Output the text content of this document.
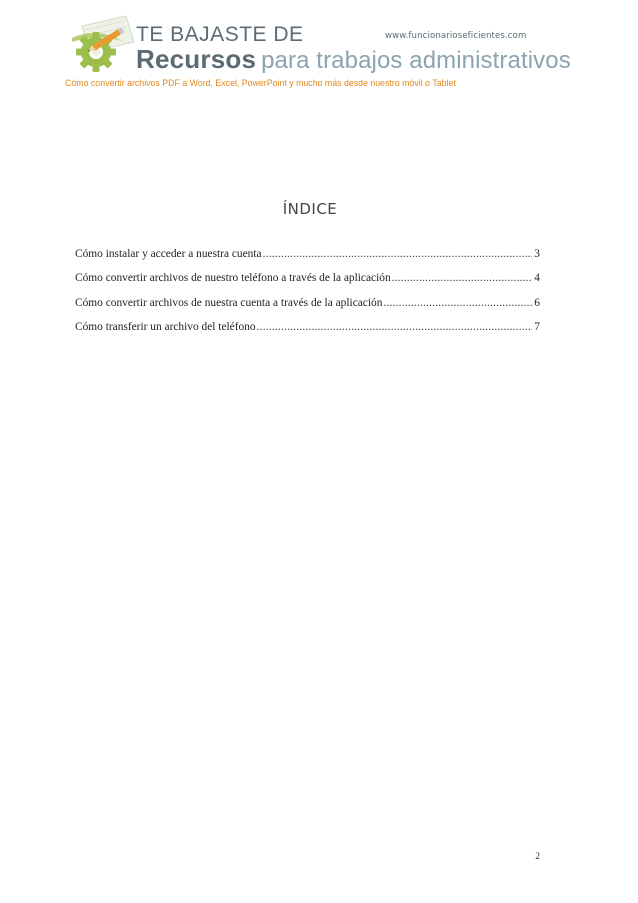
www.funcionarioseficientes.com
TE BAJASTE DE
Recursos para trabajos administrativos
Cómo convertir archivos PDF a Word, Excel, PowerPoint y mucho más desde nuestro móvil o Tablet
ÍNDICE
Cómo instalar y acceder a nuestra cuenta .....	3
Cómo convertir archivos de nuestro teléfono a través de la aplicación .....	4
Cómo convertir archivos de nuestra cuenta a través de la aplicación .....	6
Cómo transferir un archivo del teléfono .....	7
2
